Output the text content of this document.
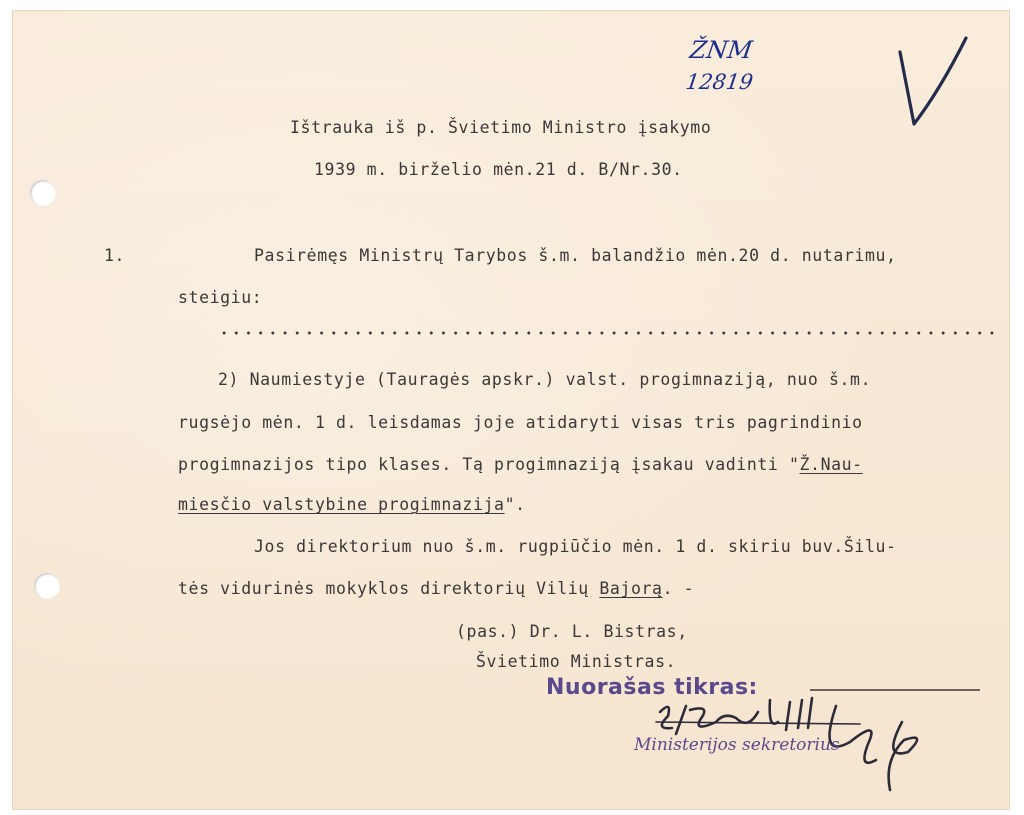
ŽNM
12819
Ištrauka iš p. Švietimo Ministro įsakymo
1939 m. birželio mėn.21 d. B/Nr.30.
1.	Pasirėmęs Ministrų Tarybos š.m. balandžio mėn.20 d. nutarimu,
steigiu:
2) Naumiestyje (Tauragės apskr.) valst. progimnaziją, nuo š.m.
rugsėjo mėn. 1 d. leisdamas joje atidaryti visas tris pagrindinio
progimnazijos tipo klases. Tą progimnaziją įsakau vadinti "Ž.Nau-
miesčio valstybine progimnazija".
Jos direktorium nuo š.m. rugpiūčio mėn. 1 d. skiriu buv.Šilu-
tės vidurinės mokyklos direktorių Vilių Bajorą. -
(pas.) Dr. L. Bistras,
Švietimo Ministras.
Nuorašas tikras:
Ministerijos sekretorius
